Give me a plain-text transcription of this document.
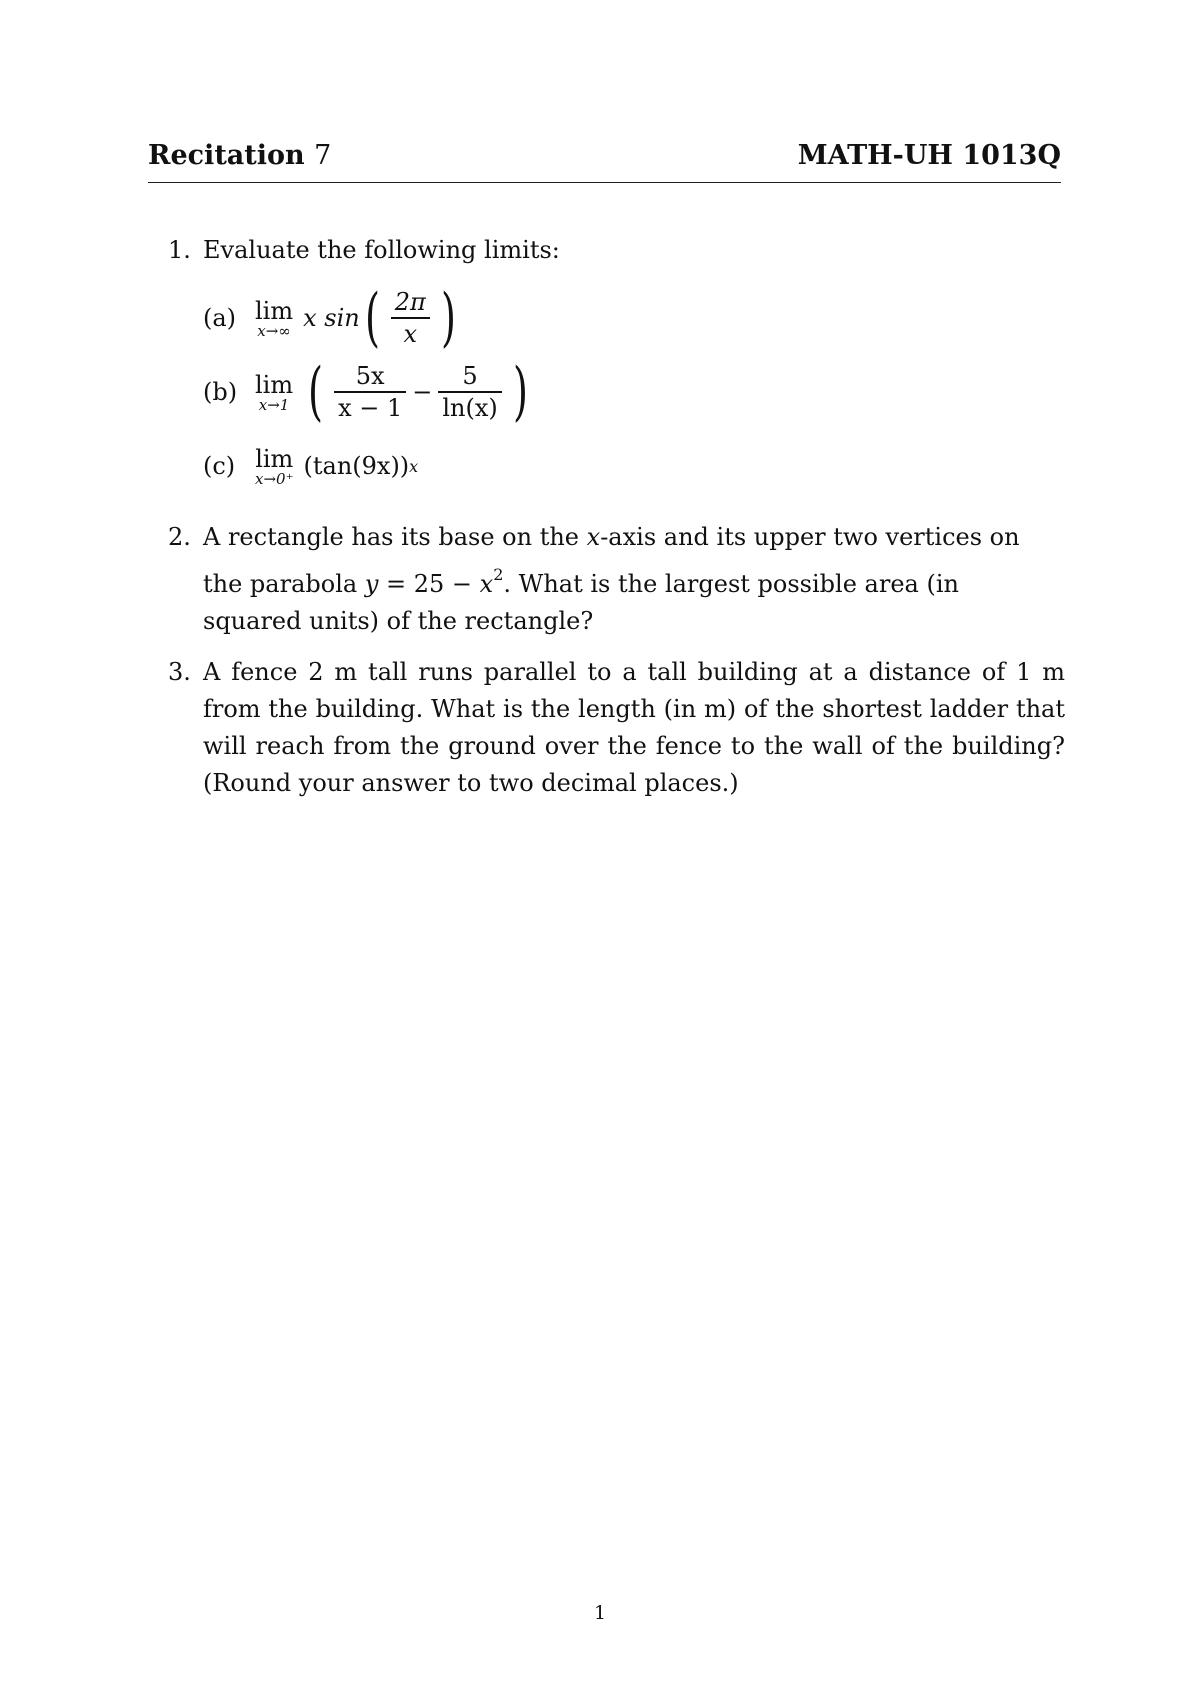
Recitation 7	MATH-UH 1013Q
1. Evaluate the following limits:
(a) lim
x→∞ x sin ( $\frac{2\pi}{x}$ )
(b) lim
x→1 ( $\frac{5x}{x - 1} - \frac{5}{\ln(x)}$ )
(c) lim
x→0⁺ (tan(9x)) x
2. A rectangle has its base on the x-axis and its upper two vertices on the parabola $y = 25 - x^2$. What is the largest possible area (in squared units) of the rectangle?
3. A fence 2 m tall runs parallel to a tall building at a distance of 1 m from the building. What is the length (in m) of the shortest ladder that will reach from the ground over the fence to the wall of the building? (Round your answer to two decimal places.)
1
